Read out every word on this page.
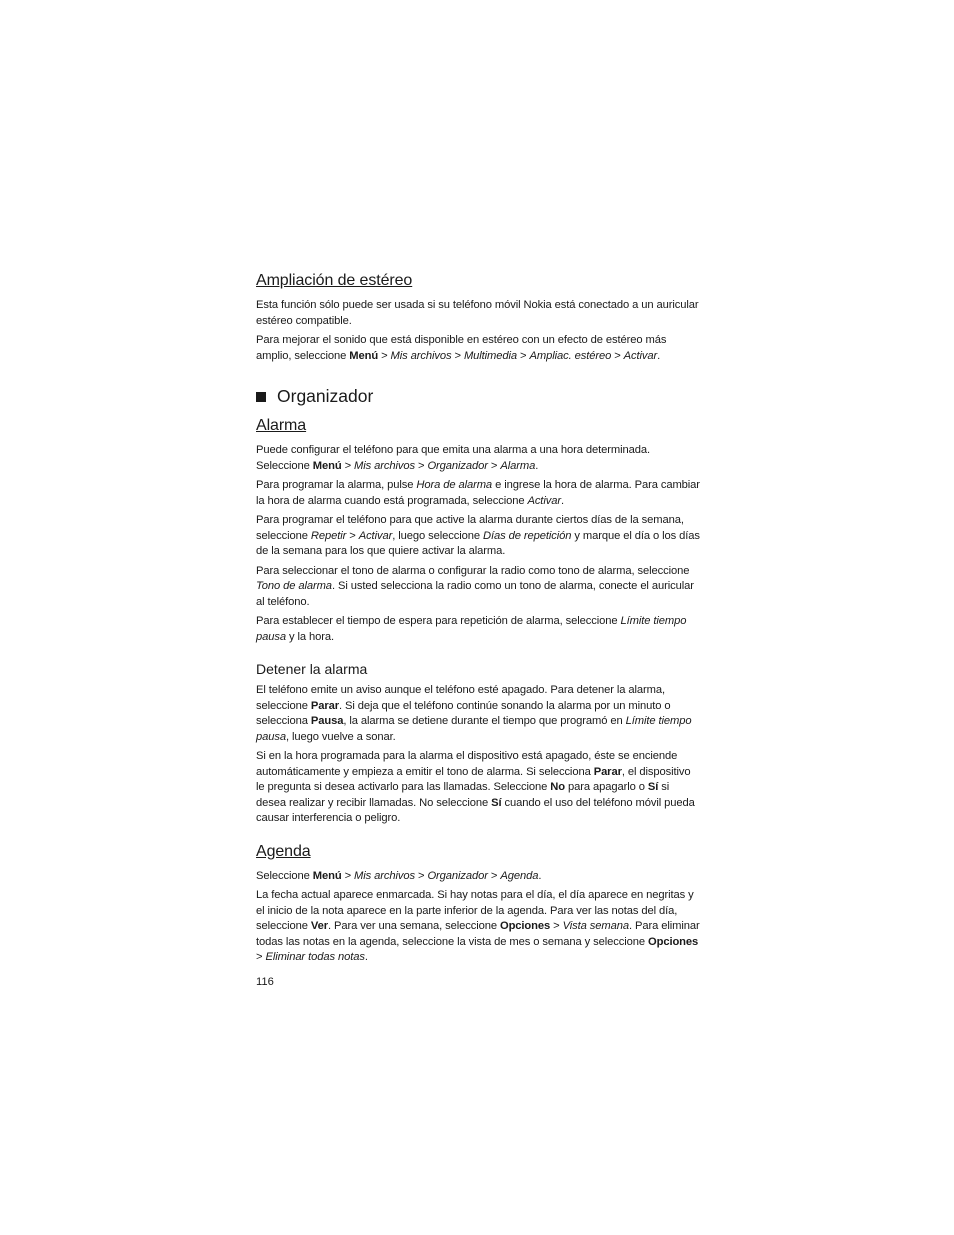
Ampliación de estéreo

Esta función sólo puede ser usada si su teléfono móvil Nokia está conectado a un auricular estéreo compatible.

Para mejorar el sonido que está disponible en estéreo con un efecto de estéreo más amplio, seleccione Menú > Mis archivos > Multimedia > Ampliac. estéreo > Activar.

Organizador
Alarma

Puede configurar el teléfono para que emita una alarma a una hora determinada. Seleccione Menú > Mis archivos > Organizador > Alarma.

Para programar la alarma, pulse Hora de alarma e ingrese la hora de alarma. Para cambiar la hora de alarma cuando está programada, seleccione Activar.

Para programar el teléfono para que active la alarma durante ciertos días de la semana, seleccione Repetir > Activar, luego seleccione Días de repetición y marque el día o los días de la semana para los que quiere activar la alarma.

Para seleccionar el tono de alarma o configurar la radio como tono de alarma, seleccione Tono de alarma. Si usted selecciona la radio como un tono de alarma, conecte el auricular al teléfono.

Para establecer el tiempo de espera para repetición de alarma, seleccione Límite tiempo pausa y la hora.

Detener la alarma

El teléfono emite un aviso aunque el teléfono esté apagado. Para detener la alarma, seleccione Parar. Si deja que el teléfono continúe sonando la alarma por un minuto o selecciona Pausa, la alarma se detiene durante el tiempo que programó en Límite tiempo pausa, luego vuelve a sonar.

Si en la hora programada para la alarma el dispositivo está apagado, éste se enciende automáticamente y empieza a emitir el tono de alarma. Si selecciona Parar, el dispositivo le pregunta si desea activarlo para las llamadas. Seleccione No para apagarlo o Sí si desea realizar y recibir llamadas. No seleccione Sí cuando el uso del teléfono móvil pueda causar interferencia o peligro.

Agenda

Seleccione Menú > Mis archivos > Organizador > Agenda.

La fecha actual aparece enmarcada. Si hay notas para el día, el día aparece en negritas y el inicio de la nota aparece en la parte inferior de la agenda. Para ver las notas del día, seleccione Ver. Para ver una semana, seleccione Opciones > Vista semana. Para eliminar todas las notas en la agenda, seleccione la vista de mes o semana y seleccione Opciones > Eliminar todas notas.

116
